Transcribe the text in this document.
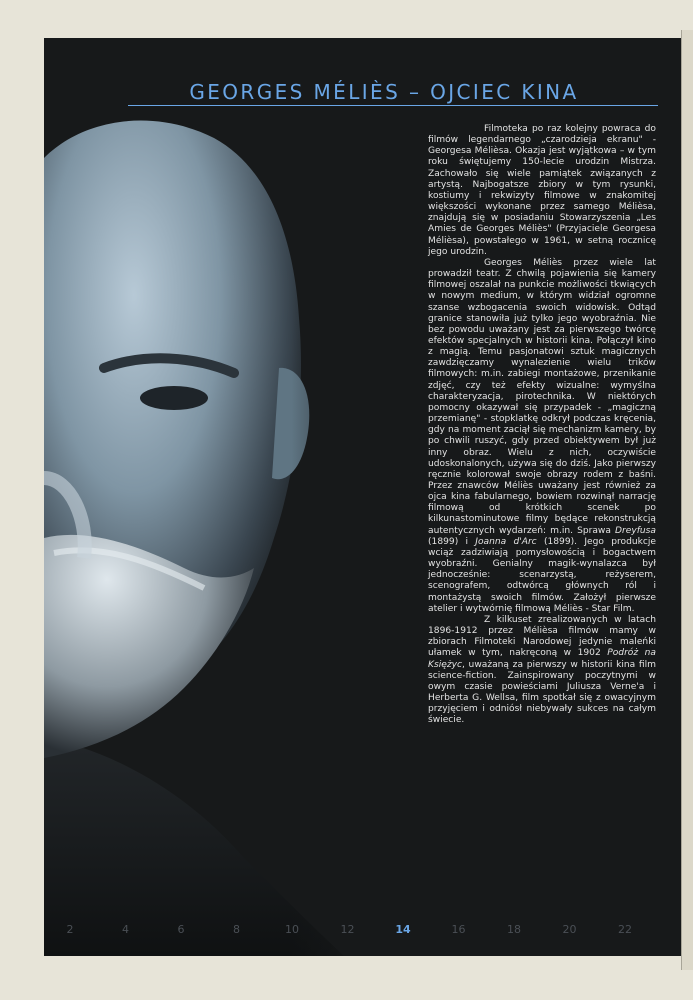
GEORGES MÉLIÈS – OJCIEC KINA

Filmoteka po raz kolejny powraca do filmów legendarnego „czarodzieja ekranu" - Georgesa Mélièsa. Okazja jest wyjątkowa – w tym roku świętujemy 150-lecie urodzin Mistrza. Zachowało się wiele pamiątek związanych z artystą. Najbogatsze zbiory w tym rysunki, kostiumy i rekwizyty filmowe w znakomitej większości wykonane przez samego Mélièsa, znajdują się w posiadaniu Stowarzyszenia „Les Amies de Georges Méliès" (Przyjaciele Georgesa Mélièsa), powstałego w 1961, w setną rocznicę jego urodzin.

Georges Méliès przez wiele lat prowadził teatr. Z chwilą pojawienia się kamery filmowej oszalał na punkcie możliwości tkwiących w nowym medium, w którym widział ogromne szanse wzbogacenia swoich widowisk. Odtąd granice stanowiła już tylko jego wyobraźnia. Nie bez powodu uważany jest za pierwszego twórcę efektów specjalnych w historii kina. Połączył kino z magią. Temu pasjonatowi sztuk magicznych zawdzięczamy wynalezienie wielu trików filmowych: m.in. zabiegi montażowe, przenikanie zdjęć, czy też efekty wizualne: wymyślna charakteryzacja, pirotechnika. W niektórych pomocny okazywał się przypadek - „magiczną przemianę" - stopklatkę odkrył podczas kręcenia, gdy na moment zaciął się mechanizm kamery, by po chwili ruszyć, gdy przed obiektywem był już inny obraz. Wielu z nich, oczywiście udoskonalonych, używa się do dziś. Jako pierwszy ręcznie kolorował swoje obrazy rodem z baśni. Przez znawców Méliès uważany jest również za ojca kina fabularnego, bowiem rozwinął narrację filmową od krótkich scenek po kilkunastominutowe filmy będące rekonstrukcją autentycznych wydarzeń: m.in. Sprawa Dreyfusa (1899) i Joanna d'Arc (1899). Jego produkcje wciąż zadziwiają pomysłowością i bogactwem wyobraźni. Genialny magik-wynalazca był jednocześnie: scenarzystą, reżyserem, scenografem, odtwórcą głównych ról i montażystą swoich filmów. Założył pierwsze atelier i wytwórnię filmową Méliès - Star Film.

Z kilkuset zrealizowanych w latach 1896-1912 przez Mélièsa filmów mamy w zbiorach Filmoteki Narodowej jedynie maleńki ułamek w tym, nakręconą w 1902 Podróż na Księżyc, uważaną za pierwszy w historii kina film science-fiction. Zainspirowany poczytnymi w owym czasie powieściami Juliusza Verne'a i Herberta G. Wellsa, film spotkał się z owacyjnym przyjęciem i odniósł niebywały sukces na całym świecie.

2	4	6	8	10	12	14	16	18	20	22
